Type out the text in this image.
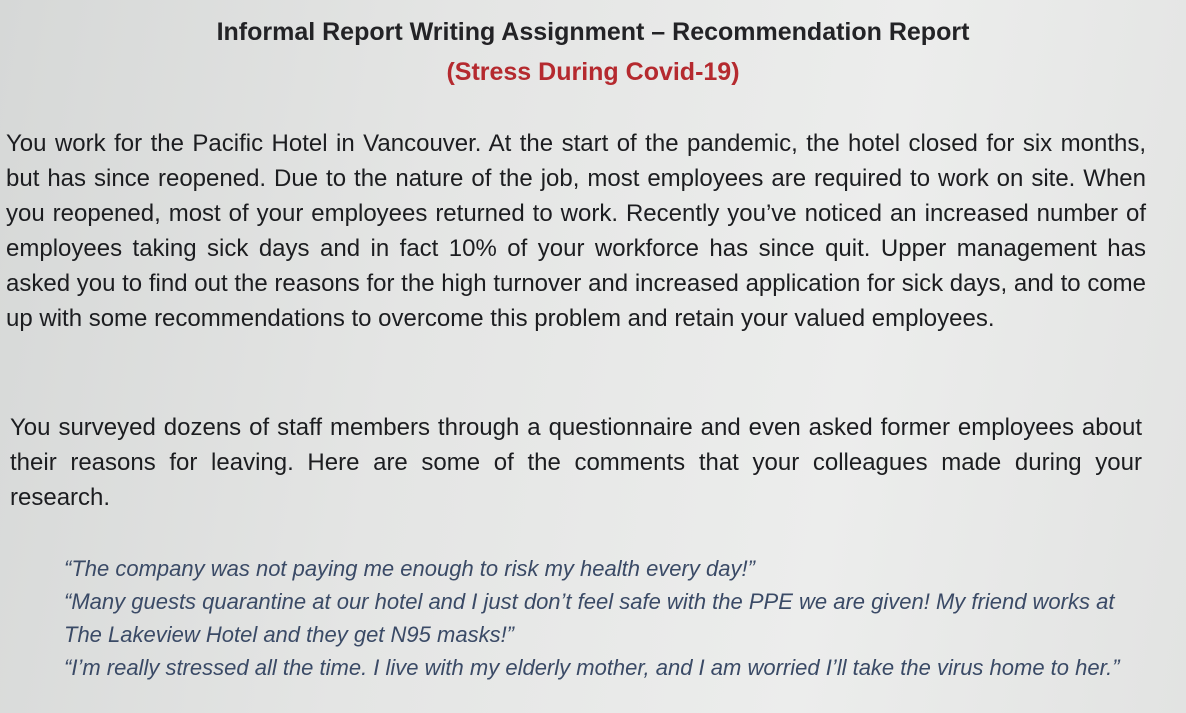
Informal Report Writing Assignment – Recommendation Report
(Stress During Covid-19)

You work for the Pacific Hotel in Vancouver. At the start of the pandemic, the hotel closed for six months, but has since reopened. Due to the nature of the job, most employees are required to work on site. When you reopened, most of your employees returned to work. Recently you’ve noticed an increased number of employees taking sick days and in fact 10% of your workforce has since quit. Upper management has asked you to find out the reasons for the high turnover and increased application for sick days, and to come up with some recommendations to overcome this problem and retain your valued employees.

You surveyed dozens of staff members through a questionnaire and even asked former employees about their reasons for leaving. Here are some of the comments that your colleagues made during your research.

“The company was not paying me enough to risk my health every day!”
“Many guests quarantine at our hotel and I just don’t feel safe with the PPE we are given! My friend works at The Lakeview Hotel and they get N95 masks!”
“I’m really stressed all the time. I live with my elderly mother, and I am worried I’ll take the virus home to her.”
